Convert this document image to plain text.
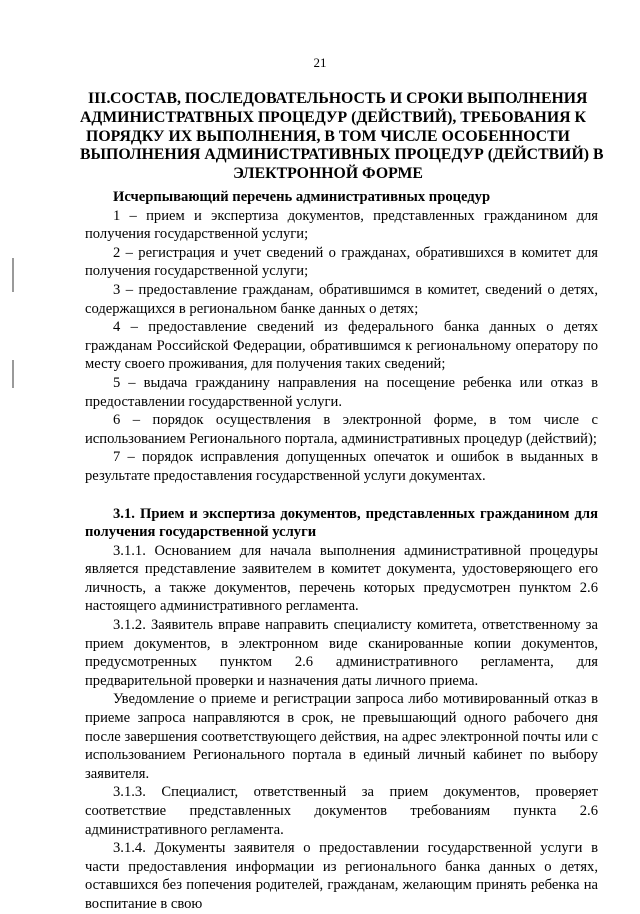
21
III. СОСТАВ, ПОСЛЕДОВАТЕЛЬНОСТЬ И СРОКИ ВЫПОЛНЕНИЯ
АДМИНИСТРАТВНЫХ ПРОЦЕДУР (ДЕЙСТВИЙ), ТРЕБОВАНИЯ К
ПОРЯДКУ ИХ ВЫПОЛНЕНИЯ, В ТОМ ЧИСЛЕ ОСОБЕННОСТИ
ВЫПОЛНЕНИЯ АДМИНИСТРАТИВНЫХ ПРОЦЕДУР (ДЕЙСТВИЙ) В
ЭЛЕКТРОННОЙ ФОРМЕ

Исчерпывающий перечень административных процедур

1 – прием и экспертиза документов, представленных гражданином для получения государственной услуги;

2 – регистрация и учет сведений о гражданах, обратившихся в комитет для получения государственной услуги;

3 – предоставление гражданам, обратившимся в комитет, сведений о детях, содержащихся в региональном банке данных о детях;

4 – предоставление сведений из федерального банка данных о детях гражданам Российской Федерации, обратившимся к региональному оператору по месту своего проживания, для получения таких сведений;

5 – выдача гражданину направления на посещение ребенка или отказ в предоставлении государственной услуги.

6 – порядок осуществления в электронной форме, в том числе с использованием Регионального портала, административных процедур (действий);

7 – порядок исправления допущенных опечаток и ошибок в выданных в результате предоставления государственной услуги документах.

3.1. Прием и экспертиза документов, представленных гражданином для получения государственной услуги

3.1.1. Основанием для начала выполнения административной процедуры является представление заявителем в комитет документа, удостоверяющего его личность, а также документов, перечень которых предусмотрен пунктом 2.6 настоящего административного регламента.

3.1.2. Заявитель вправе направить специалисту комитета, ответственному за прием документов, в электронном виде сканированные копии документов, предусмотренных пунктом 2.6 административного регламента, для предварительной проверки и назначения даты личного приема.

Уведомление о приеме и регистрации запроса либо мотивированный отказ в приеме запроса направляются в срок, не превышающий одного рабочего дня после завершения соответствующего действия, на адрес электронной почты или с использованием Регионального портала в единый личный кабинет по выбору заявителя.

3.1.3. Специалист, ответственный за прием документов, проверяет соответствие представленных документов требованиям пункта 2.6 административного регламента.

3.1.4. Документы заявителя о предоставлении государственной услуги в части предоставления информации из регионального банка данных о детях, оставшихся без попечения родителей, гражданам, желающим принять ребенка на воспитание в свою
